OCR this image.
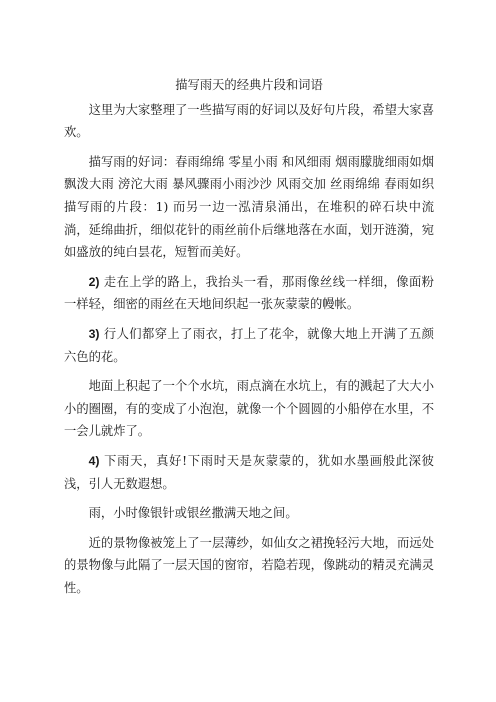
描写雨天的经典片段和词语

这里为大家整理了一些描写雨的好词以及好句片段，希望大家喜欢。

描写雨的好词：春雨绵绵 零星小雨 和风细雨 烟雨朦胧细雨如烟 飘泼大雨 滂沱大雨 暴风骤雨小雨沙沙 风雨交加 丝雨绵绵 春雨如织描写雨的片段：1) 而另一边一泓清泉涌出，在堆积的碎石块中流淌，延绵曲折，细似花针的雨丝前仆后继地落在水面，划开涟漪，宛如盛放的纯白昙花，短暂而美好。

2) 走在上学的路上，我抬头一看，那雨像丝线一样细，像面粉一样轻，细密的雨丝在天地间织起一张灰蒙蒙的幔帐。

3) 行人们都穿上了雨衣，打上了花伞，就像大地上开满了五颜六色的花。

地面上积起了一个个水坑，雨点滴在水坑上，有的溅起了大大小小的圈圈，有的变成了小泡泡，就像一个个圆圆的小船停在水里，不一会儿就炸了。

4) 下雨天，真好!下雨时天是灰蒙蒙的，犹如水墨画般此深彼浅，引人无数遐想。

雨，小时像银针或银丝撒满天地之间。

近的景物像被笼上了一层薄纱，如仙女之裙挽轻污大地，而远处的景物像与此隔了一层天国的窗帘，若隐若现，像跳动的精灵充满灵性。
